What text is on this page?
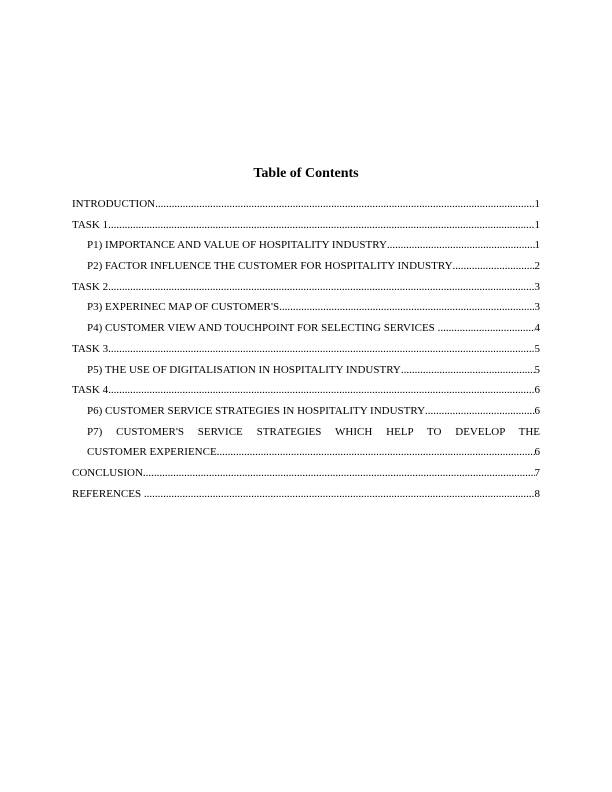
Table of Contents
INTRODUCTION .....	1
TASK 1 .....	1
P1) IMPORTANCE AND VALUE OF HOSPITALITY INDUSTRY .....	1
P2) FACTOR INFLUENCE THE CUSTOMER FOR HOSPITALITY INDUSTRY .....	2
TASK 2 .....	3
P3) EXPERINEC MAP OF CUSTOMER'S .....	3
P4) CUSTOMER VIEW AND TOUCHPOINT FOR SELECTING SERVICES .....	4
TASK 3 .....	5
P5) THE USE OF DIGITALISATION IN HOSPITALITY INDUSTRY .....	5
TASK 4 .....	6
P6) CUSTOMER SERVICE STRATEGIES IN HOSPITALITY INDUSTRY .....	6
P7) CUSTOMER'S SERVICE STRATEGIES WHICH HELP TO DEVELOP THE
CUSTOMER EXPERIENCE .....	6
CONCLUSION .....	7
REFERENCES .....	8
